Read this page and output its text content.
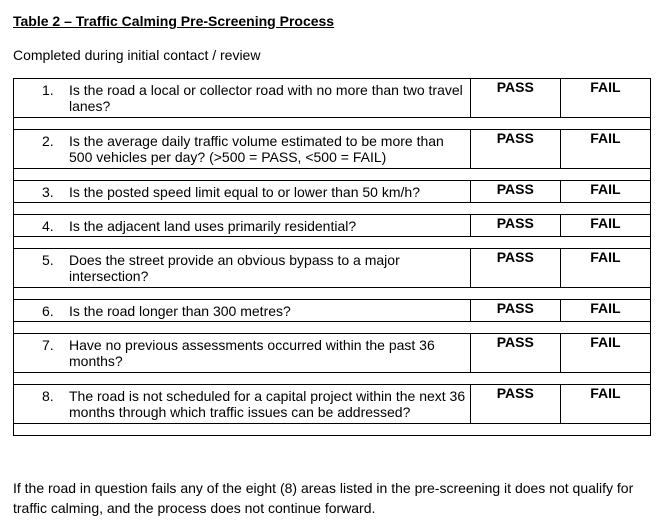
Table 2 – Traffic Calming Pre-Screening Process
Completed during initial contact / review
1. Is the road a local or collector road with no more than two travel lanes?	PASS	FAIL

2. Is the average daily traffic volume estimated to be more than 500 vehicles per day? (>500 = PASS, <500 = FAIL)	PASS	FAIL

3. Is the posted speed limit equal to or lower than 50 km/h?	PASS	FAIL

4. Is the adjacent land uses primarily residential?	PASS	FAIL

5. Does the street provide an obvious bypass to a major intersection?	PASS	FAIL

6. Is the road longer than 300 metres?	PASS	FAIL

7. Have no previous assessments occurred within the past 36 months?	PASS	FAIL

8. The road is not scheduled for a capital project within the next 36 months through which traffic issues can be addressed?	PASS	FAIL

If the road in question fails any of the eight (8) areas listed in the pre-screening it does not qualify for traffic calming, and the process does not continue forward.
